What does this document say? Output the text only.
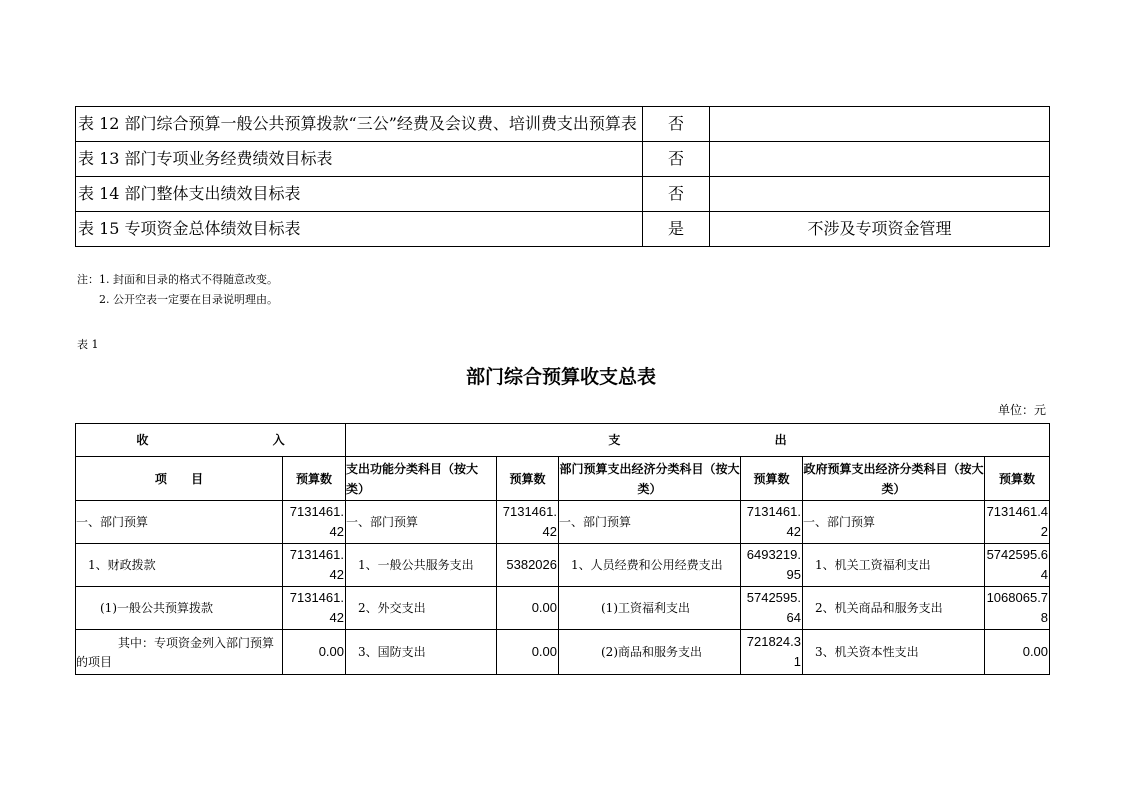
表 12 部门综合预算一般公共预算拨款“三公”经费及会议费、培训费支出预算表	否	
表 13 部门专项业务经费绩效目标表	否	
表 14 部门整体支出绩效目标表	否	
表 15 专项资金总体绩效目标表	是	不涉及专项资金管理
注：1. 封面和目录的格式不得随意改变。
2. 公开空表一定要在目录说明理由。
表 1
部门综合预算收支总表
单位：元
收 入		支 出					
项 目	预算数	支出功能分类科目（按大类）	预算数	部门预算支出经济分类科目（按大类）	预算数	政府预算支出经济分类科目（按大类）	预算数
一、部门预算	7131461.42	一、部门预算	7131461.42	一、部门预算	7131461.42	一、部门预算	7131461.42
1、财政拨款	7131461.42	1、一般公共服务支出	5382026	1、人员经费和公用经费支出	6493219.95	1、机关工资福利支出	5742595.64
(1)一般公共预算拨款	7131461.42	2、外交支出	0.00	(1)工资福利支出	5742595.64	2、机关商品和服务支出	1068065.78
其中：专项资金列入部门预算的项目	0.00	3、国防支出	0.00	(2)商品和服务支出	721824.31	3、机关资本性支出	0.00
